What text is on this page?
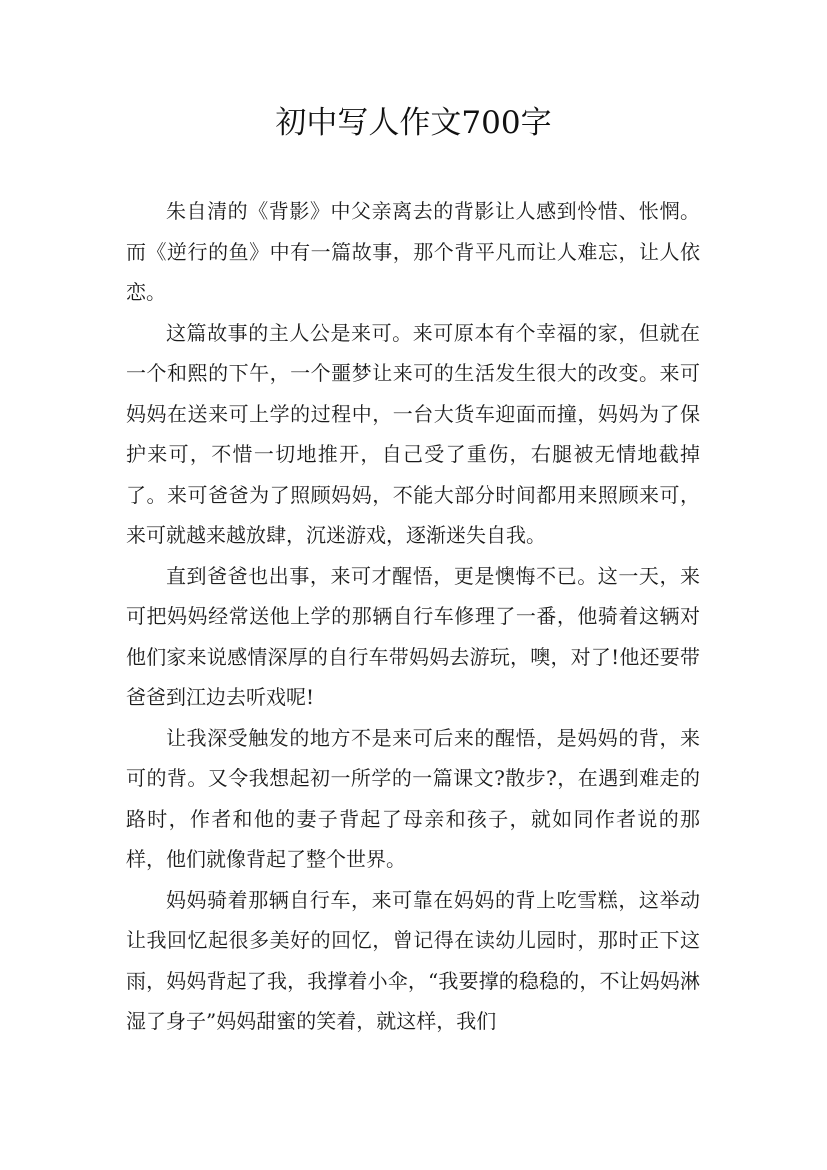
初中写人作文700字

朱自清的《背影》中父亲离去的背影让人感到怜惜、怅惘。而《逆行的鱼》中有一篇故事，那个背平凡而让人难忘，让人依恋。

这篇故事的主人公是来可。来可原本有个幸福的家，但就在一个和熙的下午，一个噩梦让来可的生活发生很大的改变。来可妈妈在送来可上学的过程中，一台大货车迎面而撞，妈妈为了保护来可，不惜一切地推开，自己受了重伤，右腿被无情地截掉了。来可爸爸为了照顾妈妈，不能大部分时间都用来照顾来可，来可就越来越放肆，沉迷游戏，逐渐迷失自我。

直到爸爸也出事，来可才醒悟，更是懊悔不已。这一天，来可把妈妈经常送他上学的那辆自行车修理了一番，他骑着这辆对他们家来说感情深厚的自行车带妈妈去游玩，噢，对了!他还要带爸爸到江边去听戏呢!

让我深受触发的地方不是来可后来的醒悟，是妈妈的背，来可的背。又令我想起初一所学的一篇课文?散步?，在遇到难走的路时，作者和他的妻子背起了母亲和孩子，就如同作者说的那样，他们就像背起了整个世界。

妈妈骑着那辆自行车，来可靠在妈妈的背上吃雪糕，这举动让我回忆起很多美好的回忆，曾记得在读幼儿园时，那时正下这雨，妈妈背起了我，我撑着小伞，“我要撑的稳稳的，不让妈妈淋湿了身子”妈妈甜蜜的笑着，就这样，我们
